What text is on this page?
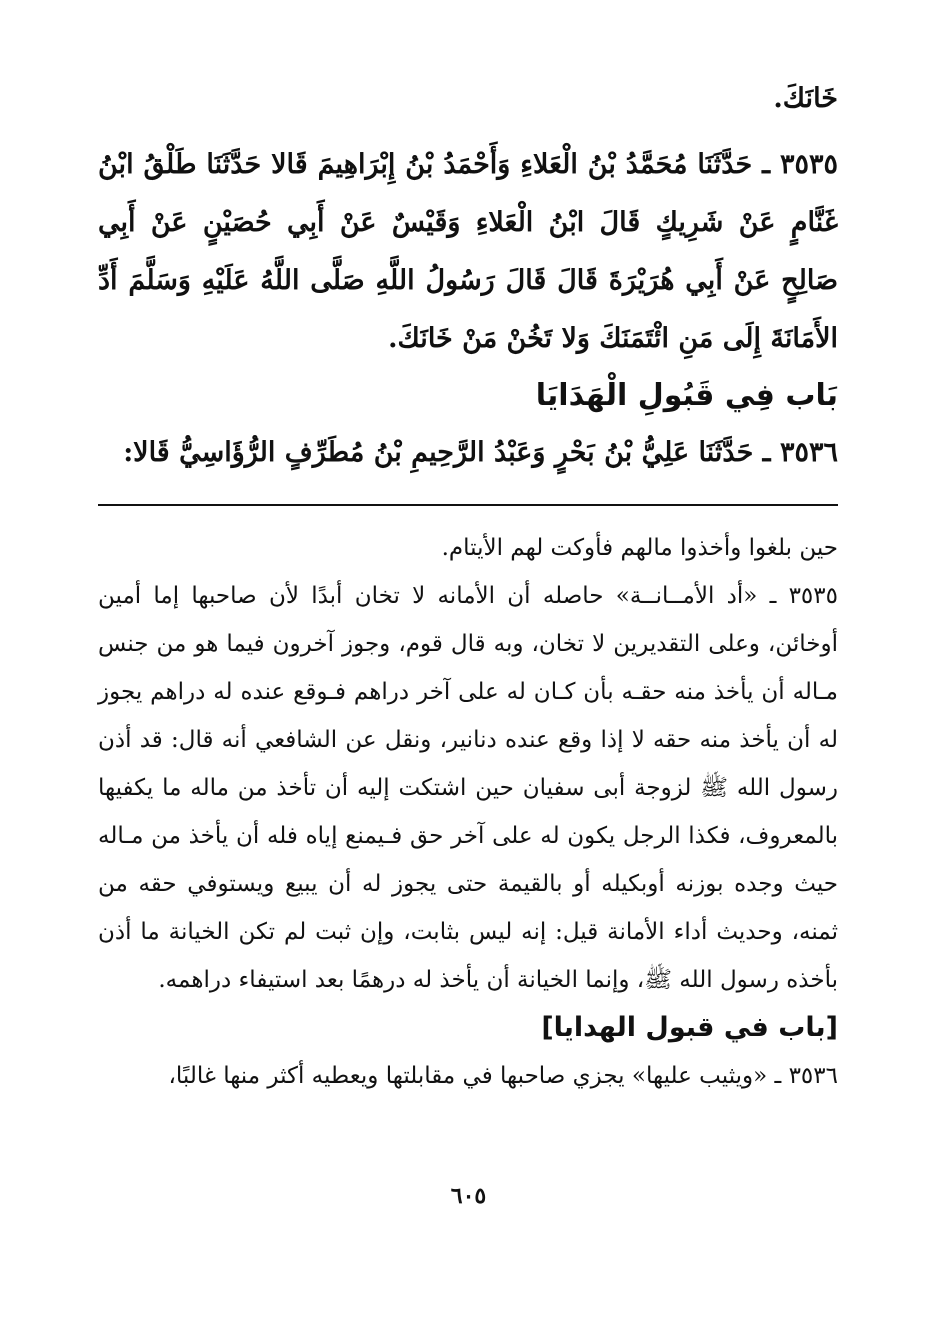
خَانَكَ.

٣٥٣٥ ـ حَدَّثَنَا مُحَمَّدُ بْنُ الْعَلاءِ وَأَحْمَدُ بْنُ إِبْرَاهِيمَ قَالا حَدَّثَنَا طَلْقُ ابْنُ غَنَّامٍ عَنْ شَرِيكٍ قَالَ ابْنُ الْعَلاءِ وَقَيْسٌ عَنْ أَبِي حُصَيْنٍ عَنْ أَبِي صَالِحٍ عَنْ أَبِي هُرَيْرَةَ قَالَ قَالَ رَسُولُ اللَّهِ صَلَّى اللَّهُ عَلَيْهِ وَسَلَّمَ أَدِّ الأَمَانَةَ إِلَى مَنِ ائْتَمَنَكَ وَلا تَخُنْ مَنْ خَانَكَ.

بَاب فِي قَبُولِ الْهَدَايَا

٣٥٣٦ ـ حَدَّثَنَا عَلِيُّ بْنُ بَحْرٍ وَعَبْدُ الرَّحِيمِ بْنُ مُطَرِّفٍ الرُّؤَاسِيُّ قَالا:

حين بلغوا وأخذوا مالهم فأوكت لهم الأيتام.

٣٥٣٥ ـ «أد الأمــانــة» حاصله أن الأمانه لا تخان أبدًا لأن صاحبها إما أمين أوخائن، وعلى التقديرين لا تخان، وبه قال قوم، وجوز آخرون فيما هو من جنس مـاله أن يأخذ منه حقـه بأن كـان له على آخر دراهم فـوقع عنده له دراهم يجوز له أن يأخذ منه حقه لا إذا وقع عنده دنانير، ونقل عن الشافعي أنه قال: قد أذن رسول الله ﷺ لزوجة أبى سفيان حين اشتكت إليه أن تأخذ من ماله ما يكفيها بالمعروف، فكذا الرجل يكون له على آخر حق فـيمنع إياه فله أن يأخذ من مـاله حيث وجده بوزنه أوبكيله أو بالقيمة حتى يجوز له أن يبيع ويستوفي حقه من ثمنه، وحديث أداء الأمانة قيل: إنه ليس بثابت، وإن ثبت لم تكن الخيانة ما أذن بأخذه رسول الله ﷺ، وإنما الخيانة أن يأخذ له درهمًا بعد استيفاء دراهمه.

[باب في قبول الهدايا]

٣٥٣٦ ـ «ويثيب عليها» يجزي صاحبها في مقابلتها ويعطيه أكثر منها غالبًا،

٦٠٥
